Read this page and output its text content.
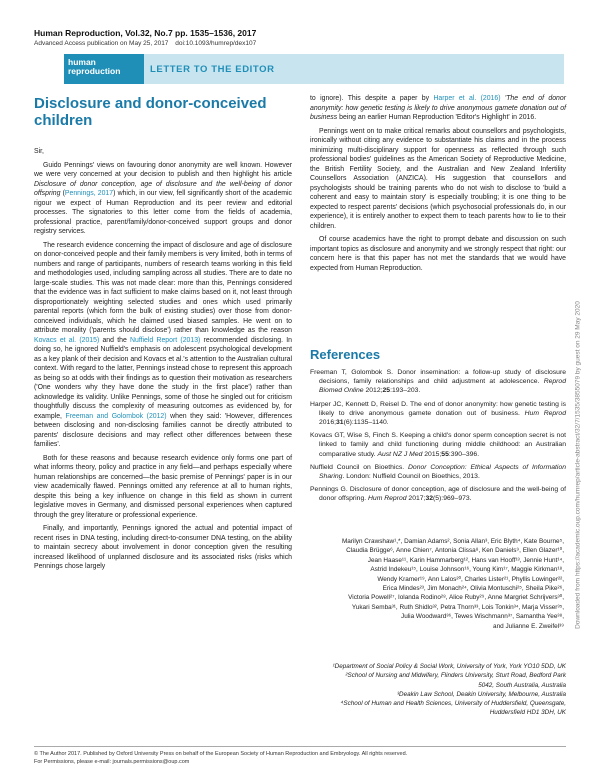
Human Reproduction, Vol.32, No.7 pp. 1535–1536, 2017
Advanced Access publication on May 25, 2017 doi:10.1093/humrep/dex107
human
reproduction	LETTER TO THE EDITOR
Disclosure and donor-conceived children

Sir,

Guido Pennings' views on favouring donor anonymity are well known. However we were very concerned at your decision to publish and then highlight his article Disclosure of donor conception, age of disclosure and the well-being of donor offspring (Pennings, 2017) which, in our view, fell significantly short of the academic rigour we expect of Human Reproduction and its peer review and editorial processes. The signatories to this letter come from the fields of academia, professional practice, parent/family/donor-conceived support groups and donor registry services.

The research evidence concerning the impact of disclosure and age of disclosure on donor-conceived people and their family members is very limited, both in terms of numbers and range of participants, numbers of research teams working in this field and methodologies used, including sampling across all studies. There are to date no large-scale studies. This was not made clear: more than this, Pennings considered that the evidence was in fact sufficient to make claims based on it, not least through disproportionately weighting selected studies and ones which used primarily parental reports (which form the bulk of existing studies) over those from donor-conceived individuals, which he claimed used biased samples. He went on to attribute morality ('parents should disclose') rather than knowledge as the reason Kovacs et al. (2015) and the Nuffield Report (2013) recommended disclosing. In doing so, he ignored Nuffield's emphasis on adolescent psychological development as a key plank of their decision and Kovacs et al.'s attention to the Australian cultural context. With regard to the latter, Pennings instead chose to represent this approach as being so at odds with their findings as to question their motivation as researchers ('One wonders why they have done the study in the first place') rather than acknowledge its validity. Unlike Pennings, some of those he singled out for criticism thoughtfully discuss the complexity of measuring outcomes as evidenced by, for example, Freeman and Golombok (2012) when they said: 'However, differences between disclosing and non-disclosing families cannot be directly attributed to parents' disclosure decisions and may reflect other differences between these families'.

Both for these reasons and because research evidence only forms one part of what informs theory, policy and practice in any field—and perhaps especially where human relationships are concerned—the basic premise of Pennings' paper is in our view academically flawed. Pennings omitted any reference at all to human rights, despite this being a key influence on change in this field as shown in current legislative moves in Germany, and dismissed personal experiences when captured through the grey literature or professional experience.

Finally, and importantly, Pennings ignored the actual and potential impact of recent rises in DNA testing, including direct-to-consumer DNA testing, on the ability to maintain secrecy about involvement in donor conception given the resulting increased likelihood of unplanned disclosure and its associated risks (risks which Pennings chose largely

to ignore). This despite a paper by Harper et al. (2016) 'The end of donor anonymity: how genetic testing is likely to drive anonymous gamete donation out of business being an earlier Human Reproduction 'Editor's Highlight' in 2016.

Pennings went on to make critical remarks about counsellors and psychologists, ironically without citing any evidence to substantiate his claims and in the process minimizing multi-disciplinary support for openness as reflected through such professional bodies' guidelines as the American Society of Reproductive Medicine, the British Fertility Society, and the Australian and New Zealand Infertility Counsellors Association (ANZICA). His suggestion that counsellors and psychologists should be training parents who do not wish to disclose to 'build a coherent and easy to maintain story' is especially troubling; it is one thing to be expected to respect parents' decisions (which psychosocial professionals do, in our experience), it is entirely another to expect them to teach parents how to lie to their children.

Of course academics have the right to prompt debate and discussion on such important topics as disclosure and anonymity and we strongly respect that right: our concern here is that this paper has not met the standards that we would have expected from Human Reproduction.

References

Freeman T, Golombok S. Donor insemination: a follow-up study of disclosure decisions, family relationships and child adjustment at adolescence. Reprod Biomed Online 2012;25:193–203.

Harper JC, Kennett D, Reisel D. The end of donor anonymity: how genetic testing is likely to drive anonymous gamete donation out of business. Hum Reprod 2016;31(6):1135–1140.

Kovacs GT, Wise S, Finch S. Keeping a child's donor sperm conception secret is not linked to family and child functioning during middle childhood: an Australian comparative study. Aust NZ J Med 2015;55:390–396.

Nuffield Council on Bioethics. Donor Conception: Ethical Aspects of Information Sharing. London: Nuffield Council on Bioethics, 2013.

Pennings G. Disclosure of donor conception, age of disclosure and the well-being of donor offspring. Hum Reprod 2017;32(5):969–973.

Marilyn Crawshaw¹,*, Damian Adams², Sonia Allan³, Eric Blyth⁴, Kate Bourne⁵,

Claudia Brügge⁶, Anne Chien⁷, Antonia Clissa⁸, Ken Daniels⁹, Ellen Glazer¹⁰,

Jean Haase¹¹, Karin Hammarberg¹², Hans van Hooff¹³, Jennie Hunt¹⁴,

Astrid Indekeu¹⁵, Louise Johnson¹⁶, Young Kim¹⁷, Maggie Kirkman¹⁸,

Wendy Kramer¹⁹, Ann Lalos²⁰, Charles Lister²¹, Phyllis Lowinger²²,

Erica Mindes²³, Jim Monach²⁴, Olivia Montuschi²⁵, Sheila Pike²⁶,

Victoria Powell²⁷, Iolanda Rodino²⁸, Alice Ruby²⁹, Anne Margriet Schrijvers³⁰,

Yukari Semba³¹, Ruth Shidlo³², Petra Thorn³³, Lois Tonkin³⁴, Marja Visser³⁵,

Julia Woodward³⁶, Tewes Wischmann³⁷, Samantha Yee³⁸,

and Julianne E. Zweifel³⁹

¹Department of Social Policy & Social Work, University of York, York YO10 5DD, UK

²School of Nursing and Midwifery, Flinders University, Sturt Road, Bedford Park

5042, South Australia, Australia

³Deakin Law School, Deakin University, Melbourne, Australia

⁴School of Human and Health Sciences, University of Huddersfield, Queensgate,

Huddersfield HD1 3DH, UK

© The Author 2017. Published by Oxford University Press on behalf of the European Society of Human Reproduction and Embryology. All rights reserved.
For Permissions, please e-mail: journals.permissions@oup.com
Downloaded from https://academic.oup.com/humrep/article-abstract/32/7/1535/3855079 by guest on 29 May 2020
